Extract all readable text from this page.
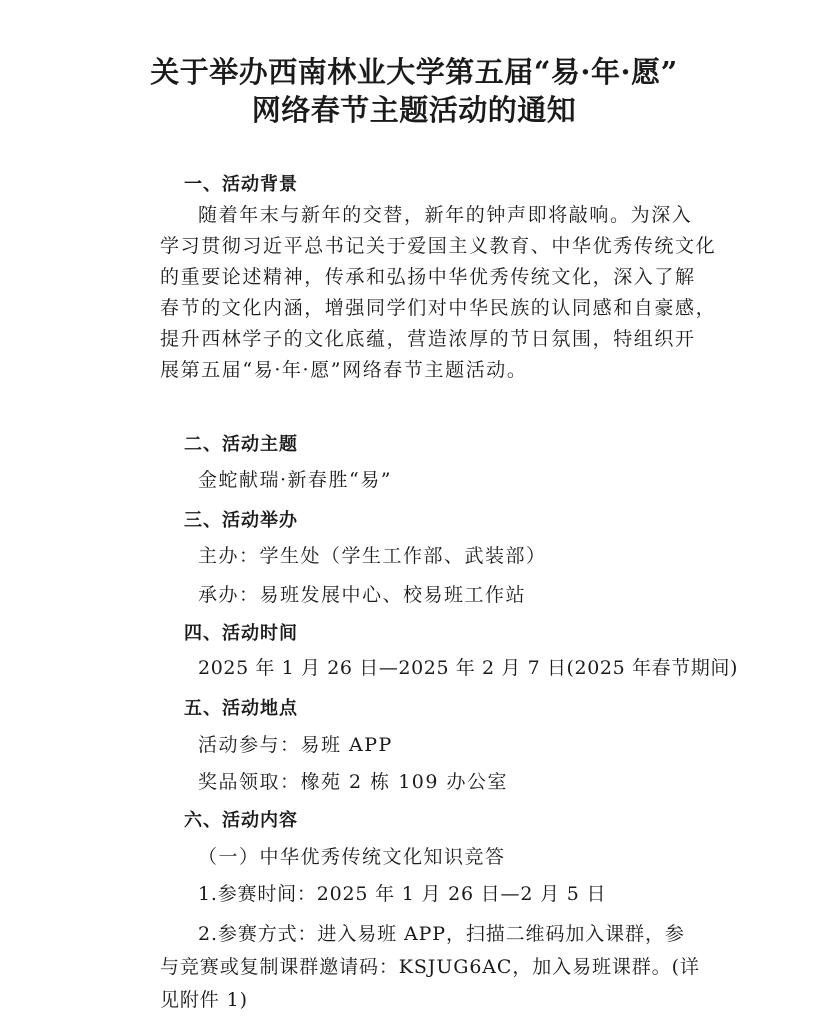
关于举办西南林业大学第五届“易·年·愿”
网络春节主题活动的通知
一、活动背景
随着年末与新年的交替，新年的钟声即将敲响。为深入
学习贯彻习近平总书记关于爱国主义教育、中华优秀传统文化
的重要论述精神，传承和弘扬中华优秀传统文化，深入了解
春节的文化内涵，增强同学们对中华民族的认同感和自豪感，
提升西林学子的文化底蕴，营造浓厚的节日氛围，特组织开
展第五届“易·年·愿”网络春节主题活动。
二、活动主题
金蛇献瑞·新春胜“易”
三、活动举办
主办：学生处（学生工作部、武装部）
承办：易班发展中心、校易班工作站
四、活动时间
2025 年 1 月 26 日—2025 年 2 月 7 日(2025 年春节期间)
五、活动地点
活动参与：易班 APP
奖品领取：橡苑 2 栋 109 办公室
六、活动内容
（一）中华优秀传统文化知识竞答
1.参赛时间：2025 年 1 月 26 日—2 月 5 日
2.参赛方式：进入易班 APP，扫描二维码加入课群，参
与竞赛或复制课群邀请码：KSJUG6AC，加入易班课群。(详
见附件 1)
